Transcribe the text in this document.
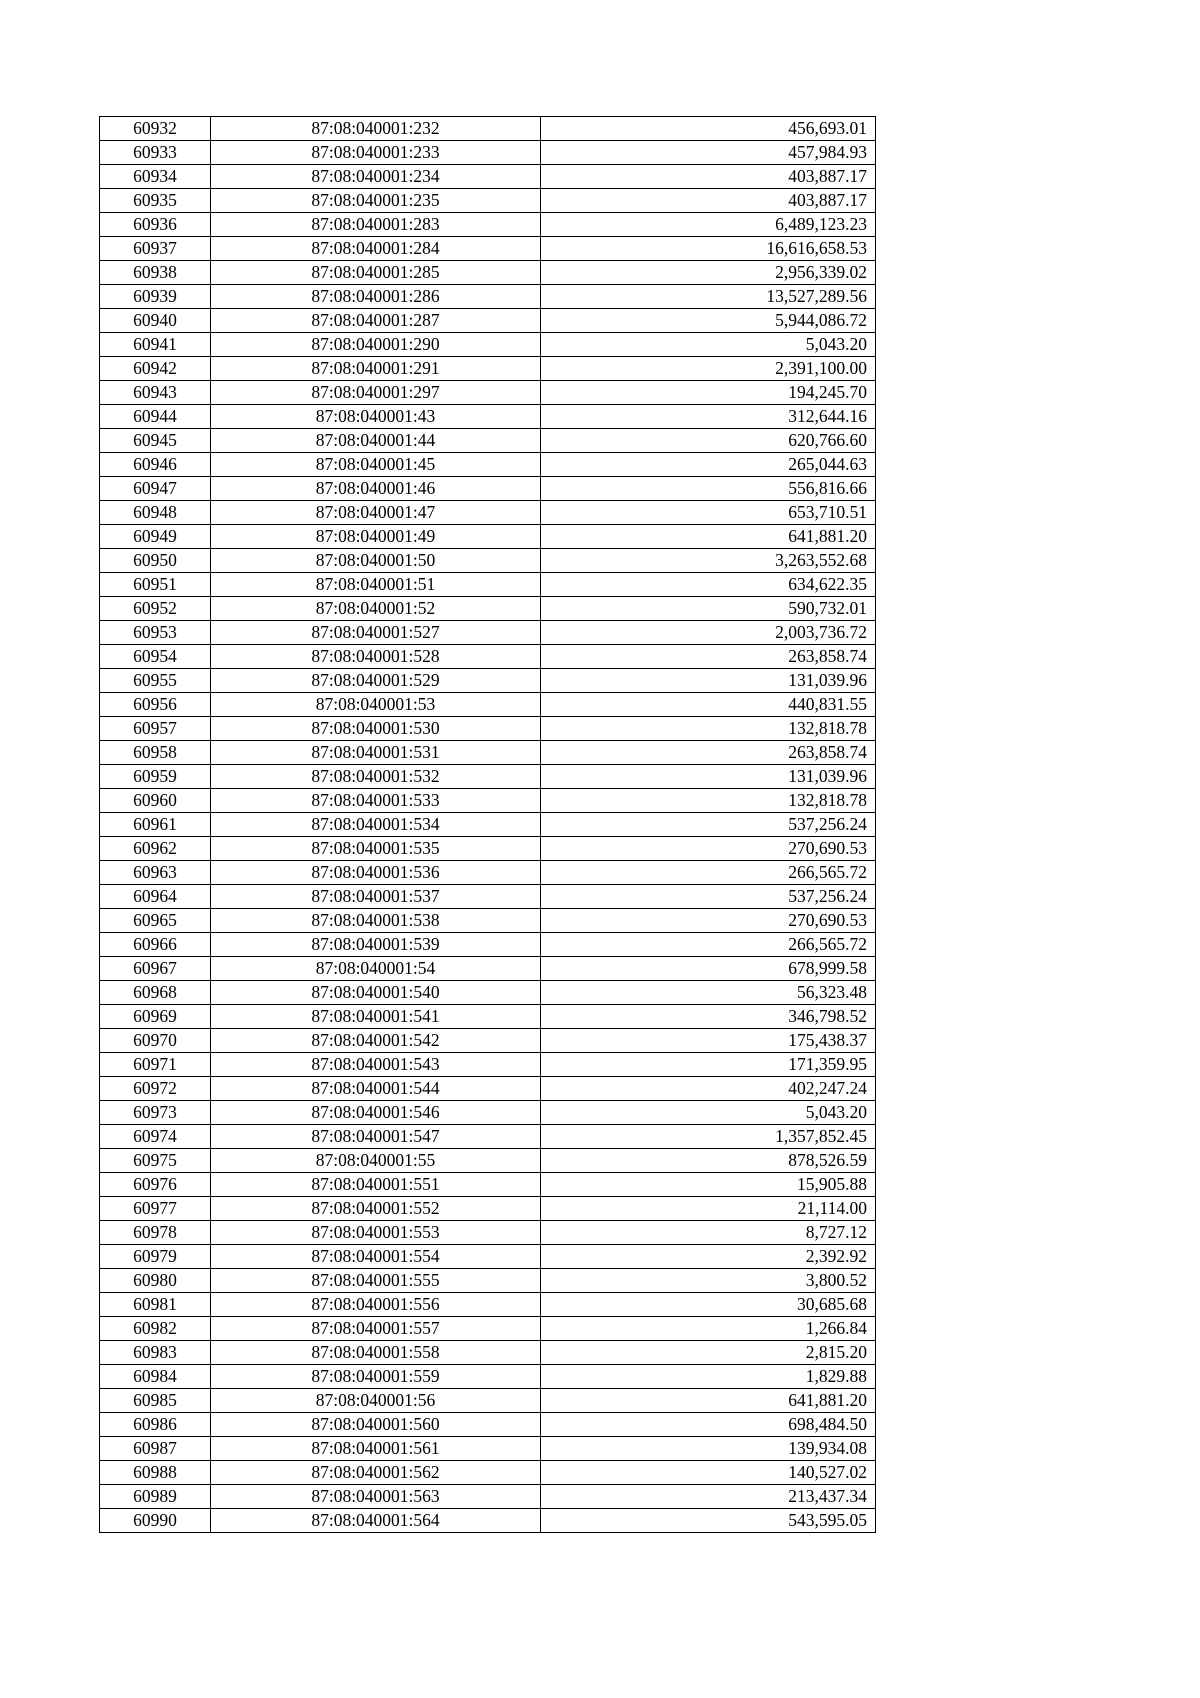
60932	87:08:040001:232	456,693.01
60933	87:08:040001:233	457,984.93
60934	87:08:040001:234	403,887.17
60935	87:08:040001:235	403,887.17
60936	87:08:040001:283	6,489,123.23
60937	87:08:040001:284	16,616,658.53
60938	87:08:040001:285	2,956,339.02
60939	87:08:040001:286	13,527,289.56
60940	87:08:040001:287	5,944,086.72
60941	87:08:040001:290	5,043.20
60942	87:08:040001:291	2,391,100.00
60943	87:08:040001:297	194,245.70
60944	87:08:040001:43	312,644.16
60945	87:08:040001:44	620,766.60
60946	87:08:040001:45	265,044.63
60947	87:08:040001:46	556,816.66
60948	87:08:040001:47	653,710.51
60949	87:08:040001:49	641,881.20
60950	87:08:040001:50	3,263,552.68
60951	87:08:040001:51	634,622.35
60952	87:08:040001:52	590,732.01
60953	87:08:040001:527	2,003,736.72
60954	87:08:040001:528	263,858.74
60955	87:08:040001:529	131,039.96
60956	87:08:040001:53	440,831.55
60957	87:08:040001:530	132,818.78
60958	87:08:040001:531	263,858.74
60959	87:08:040001:532	131,039.96
60960	87:08:040001:533	132,818.78
60961	87:08:040001:534	537,256.24
60962	87:08:040001:535	270,690.53
60963	87:08:040001:536	266,565.72
60964	87:08:040001:537	537,256.24
60965	87:08:040001:538	270,690.53
60966	87:08:040001:539	266,565.72
60967	87:08:040001:54	678,999.58
60968	87:08:040001:540	56,323.48
60969	87:08:040001:541	346,798.52
60970	87:08:040001:542	175,438.37
60971	87:08:040001:543	171,359.95
60972	87:08:040001:544	402,247.24
60973	87:08:040001:546	5,043.20
60974	87:08:040001:547	1,357,852.45
60975	87:08:040001:55	878,526.59
60976	87:08:040001:551	15,905.88
60977	87:08:040001:552	21,114.00
60978	87:08:040001:553	8,727.12
60979	87:08:040001:554	2,392.92
60980	87:08:040001:555	3,800.52
60981	87:08:040001:556	30,685.68
60982	87:08:040001:557	1,266.84
60983	87:08:040001:558	2,815.20
60984	87:08:040001:559	1,829.88
60985	87:08:040001:56	641,881.20
60986	87:08:040001:560	698,484.50
60987	87:08:040001:561	139,934.08
60988	87:08:040001:562	140,527.02
60989	87:08:040001:563	213,437.34
60990	87:08:040001:564	543,595.05
